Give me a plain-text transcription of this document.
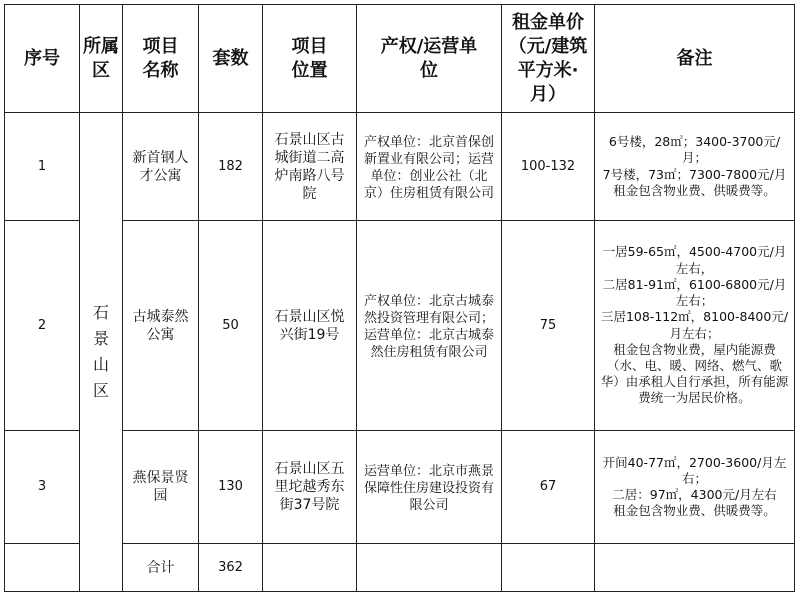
序号	所属区	项目名称	套数	项目位置	产权/运营单位	租金单价（元/建筑平方米·月）	备注
1	石景山区	新首钢人才公寓	182	石景山区古城街道二高炉南路八号院	产权单位：北京首保创新置业有限公司；运营单位：创业公社（北京）住房租赁有限公司	100-132	6号楼，28㎡；3400-3700元/月；
7号楼，73㎡；7300-7800元/月
租金包含物业费、供暖费等。

2		古城泰然公寓	50	石景山区悦兴街19号	产权单位：北京古城泰然投资管理有限公司；运营单位：北京古城泰然住房租赁有限公司	75	一居59-65㎡，4500-4700元/月左右，
二居81-91㎡，6100-6800元/月左右；
三居108-112㎡，8100-8400元/月左右；
租金包含物业费，屋内能源费（水、电、暖、网络、燃气、歌华）由承租人自行承担，所有能源费统一为居民价格。

3		燕保景贤园	130	石景山区五里坨越秀东街37号院	运营单位：北京市燕景保障性住房建设投资有限公司	67	开间40-77㎡，2700-3600/月左右；
二居：97㎡，4300元/月左右
租金包含物业费、供暖费等。

		合计	362				
